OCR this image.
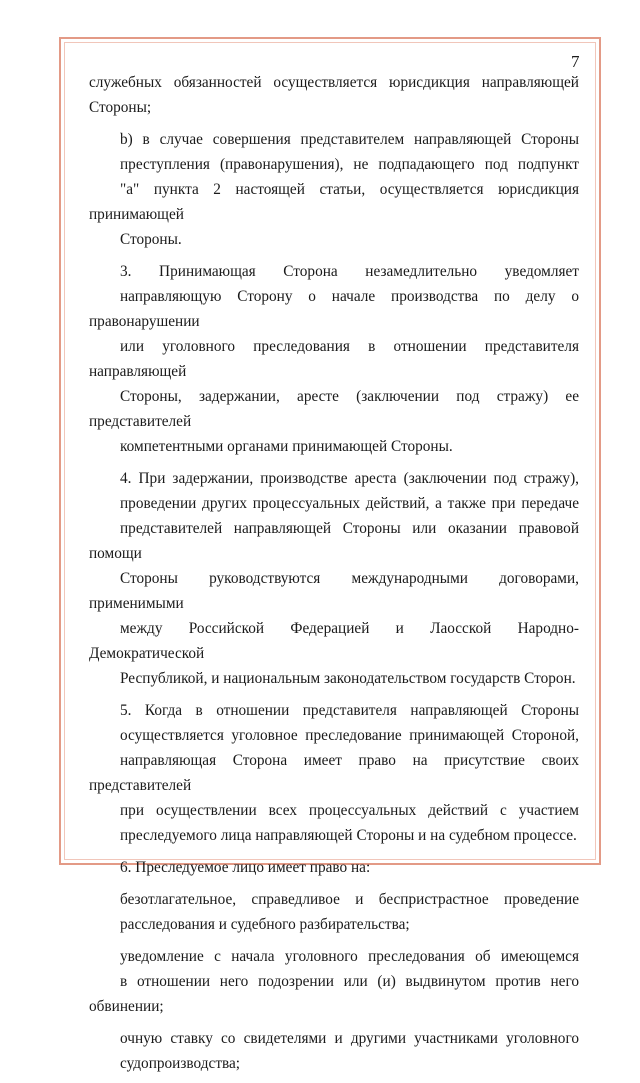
7

служебных обязанностей осуществляется юрисдикция направляющей
Стороны;

b) в случае совершения представителем направляющей Стороны
преступления (правонарушения), не подпадающего под подпункт
"а" пункта 2 настоящей статьи, осуществляется юрисдикция принимающей
Стороны.

3. Принимающая Сторона незамедлительно уведомляет
направляющую Сторону о начале производства по делу о правонарушении
или уголовного преследования в отношении представителя направляющей
Стороны, задержании, аресте (заключении под стражу) ее представителей
компетентными органами принимающей Стороны.

4. При задержании, производстве ареста (заключении под стражу),
проведении других процессуальных действий, а также при передаче
представителей направляющей Стороны или оказании правовой помощи
Стороны руководствуются международными договорами, применимыми
между Российской Федерацией и Лаосской Народно-Демократической
Республикой, и национальным законодательством государств Сторон.

5. Когда в отношении представителя направляющей Стороны
осуществляется уголовное преследование принимающей Стороной,
направляющая Сторона имеет право на присутствие своих представителей
при осуществлении всех процессуальных действий с участием
преследуемого лица направляющей Стороны и на судебном процессе.

6. Преследуемое лицо имеет право на:

безотлагательное, справедливое и беспристрастное проведение
расследования и судебного разбирательства;

уведомление с начала уголовного преследования об имеющемся
в отношении него подозрении или (и) выдвинутом против него обвинении;

очную ставку со свидетелями и другими участниками уголовного
судопроизводства;
